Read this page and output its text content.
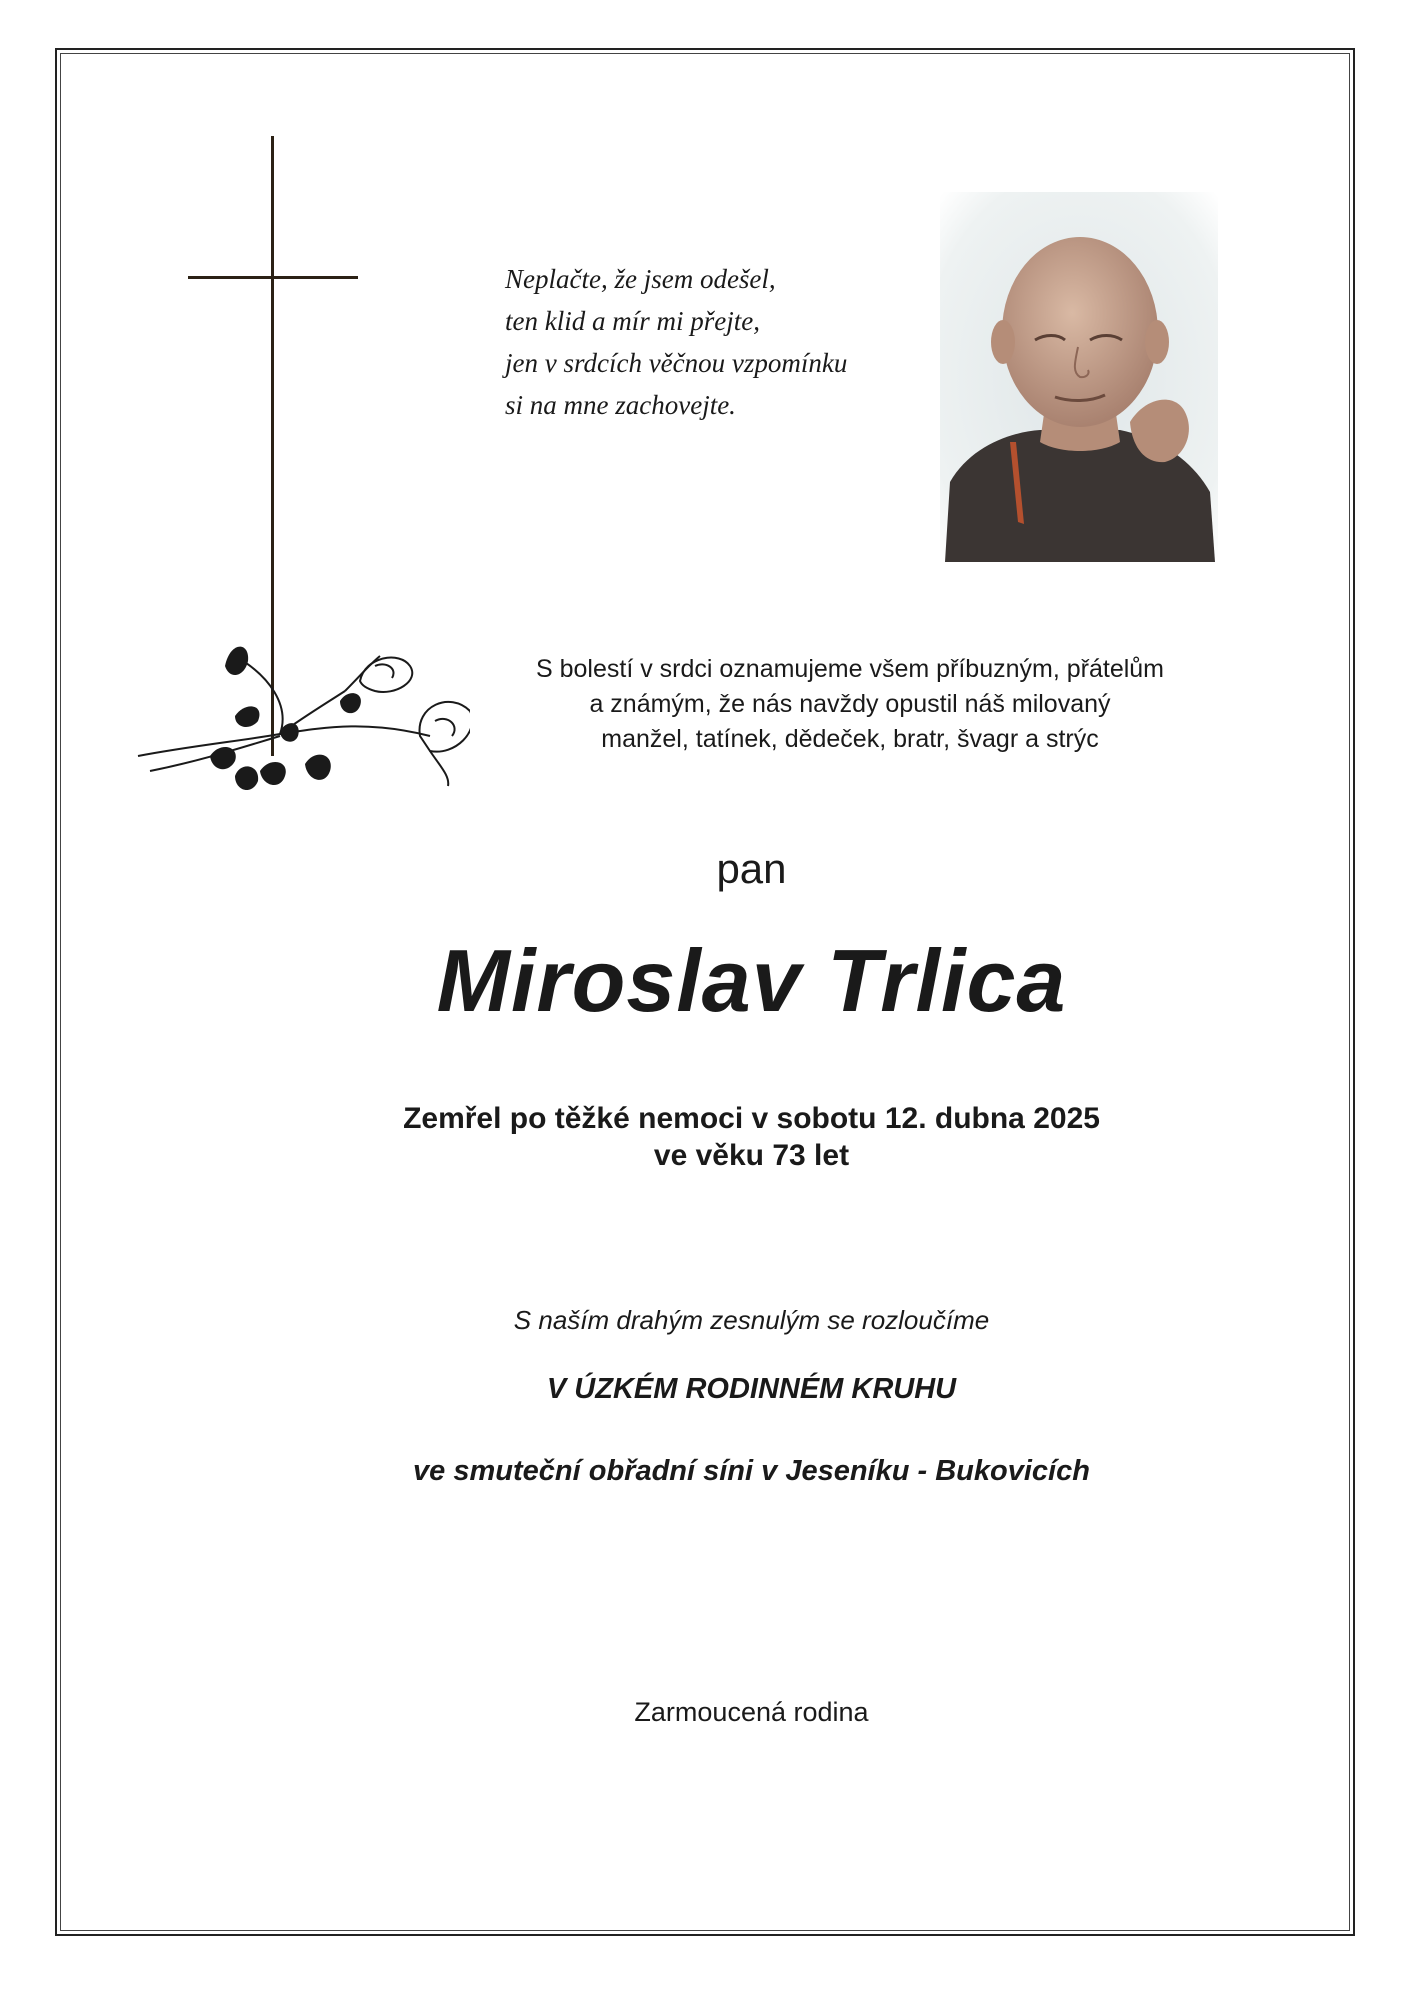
Neplačte, že jsem odešel,
ten klid a mír mi přejte,
jen v srdcích věčnou vzpomínku
si na mne zachovejte.
S bolestí v srdci oznamujeme všem příbuzným, přátelům
a známým, že nás navždy opustil náš milovaný
manžel, tatínek, dědeček, bratr, švagr a strýc
pan
Miroslav Trlica
Zemřel po těžké nemoci v sobotu 12. dubna 2025
ve věku 73 let
S naším drahým zesnulým se rozloučíme
V ÚZKÉM RODINNÉM KRUHU
ve smuteční obřadní síni v Jeseníku - Bukovicích
Zarmoucená rodina
